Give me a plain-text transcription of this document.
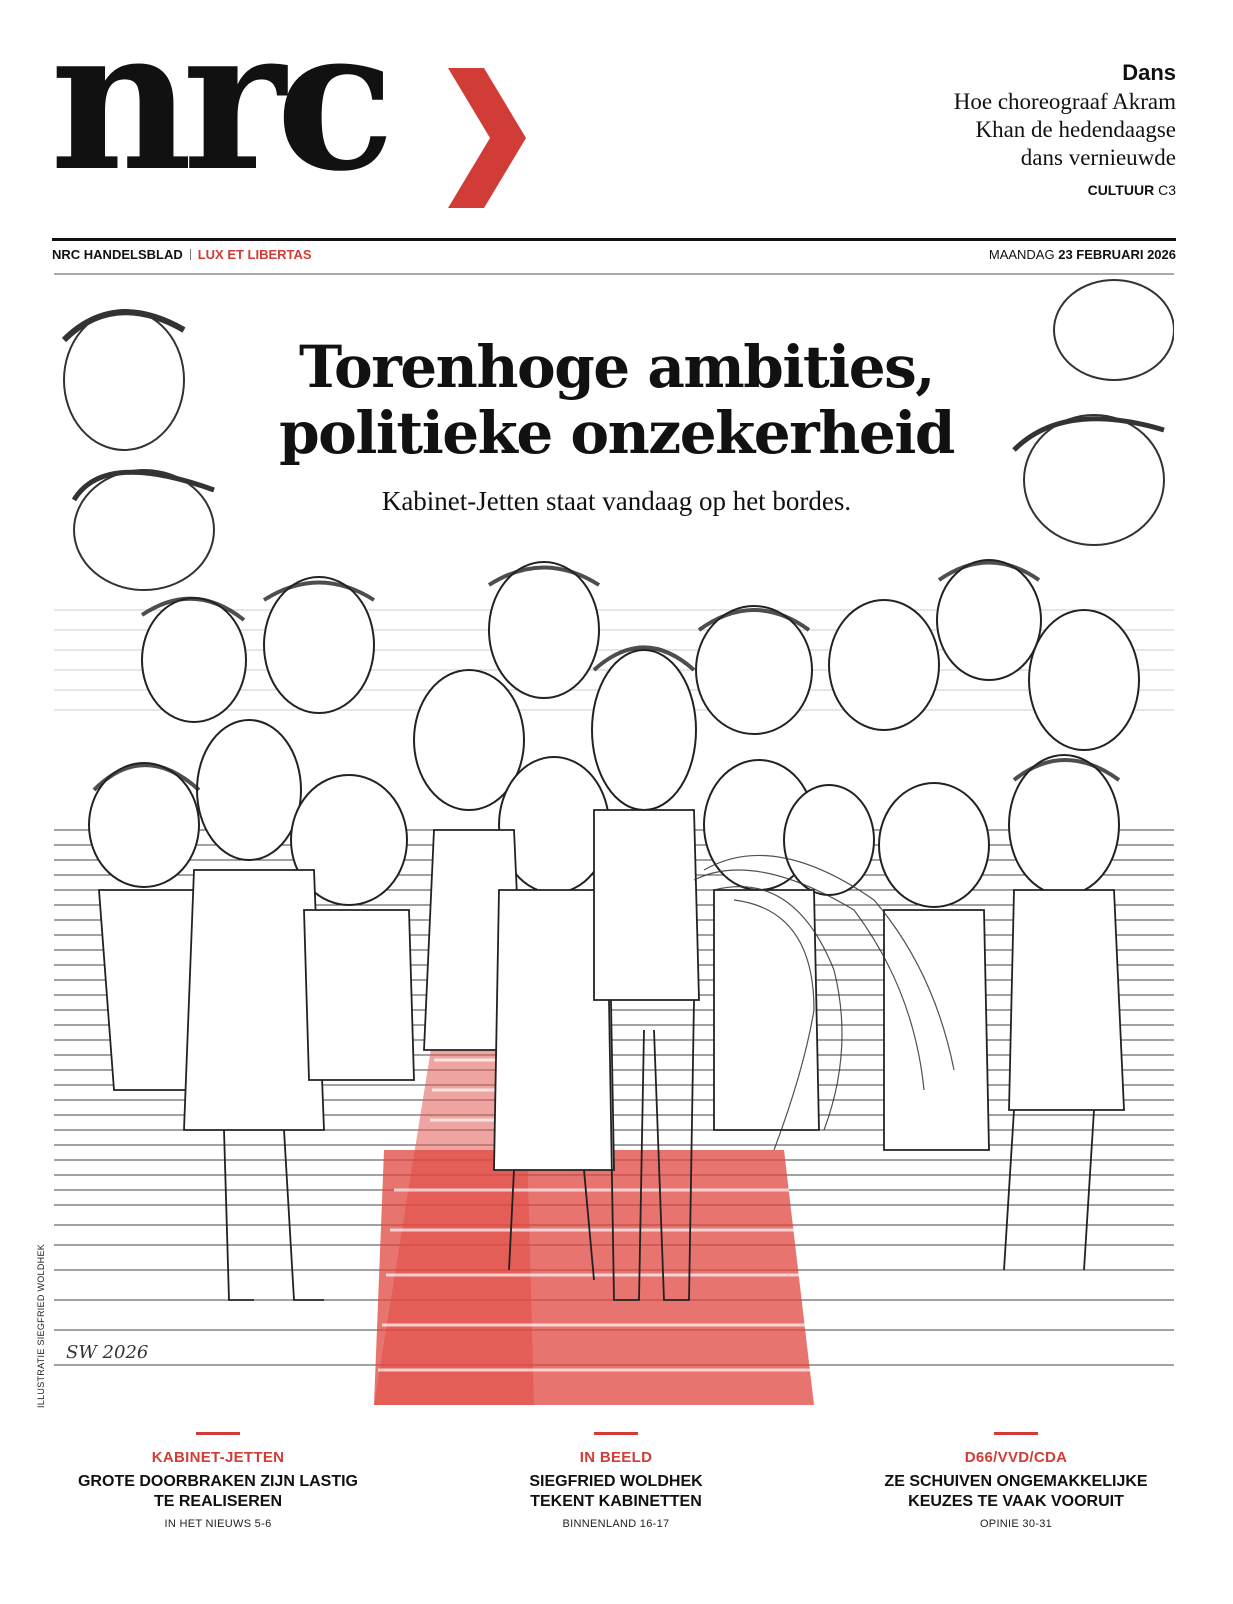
nrc	Dans
Hoe choreograaf Akram
Khan de hedendaagse
dans vernieuwde
CULTUUR C3
NRC HANDELSBLAD LUX ET LIBERTAS	MAANDAG 23 FEBRUARI 2026
SW 2026
Torenhoge ambities,
politieke onzekerheid
Kabinet-Jetten staat vandaag op het bordes.
ILLUSTRATIE SIEGFRIED WOLDHEK
KABINET-JETTEN
GROTE DOORBRAKEN ZIJN LASTIG
TE REALISEREN
IN HET NIEUWS 5-6
IN BEELD
SIEGFRIED WOLDHEK
TEKENT KABINETTEN
BINNENLAND 16-17
D66/VVD/CDA
ZE SCHUIVEN ONGEMAKKELIJKE
KEUZES TE VAAK VOORUIT
OPINIE 30-31
